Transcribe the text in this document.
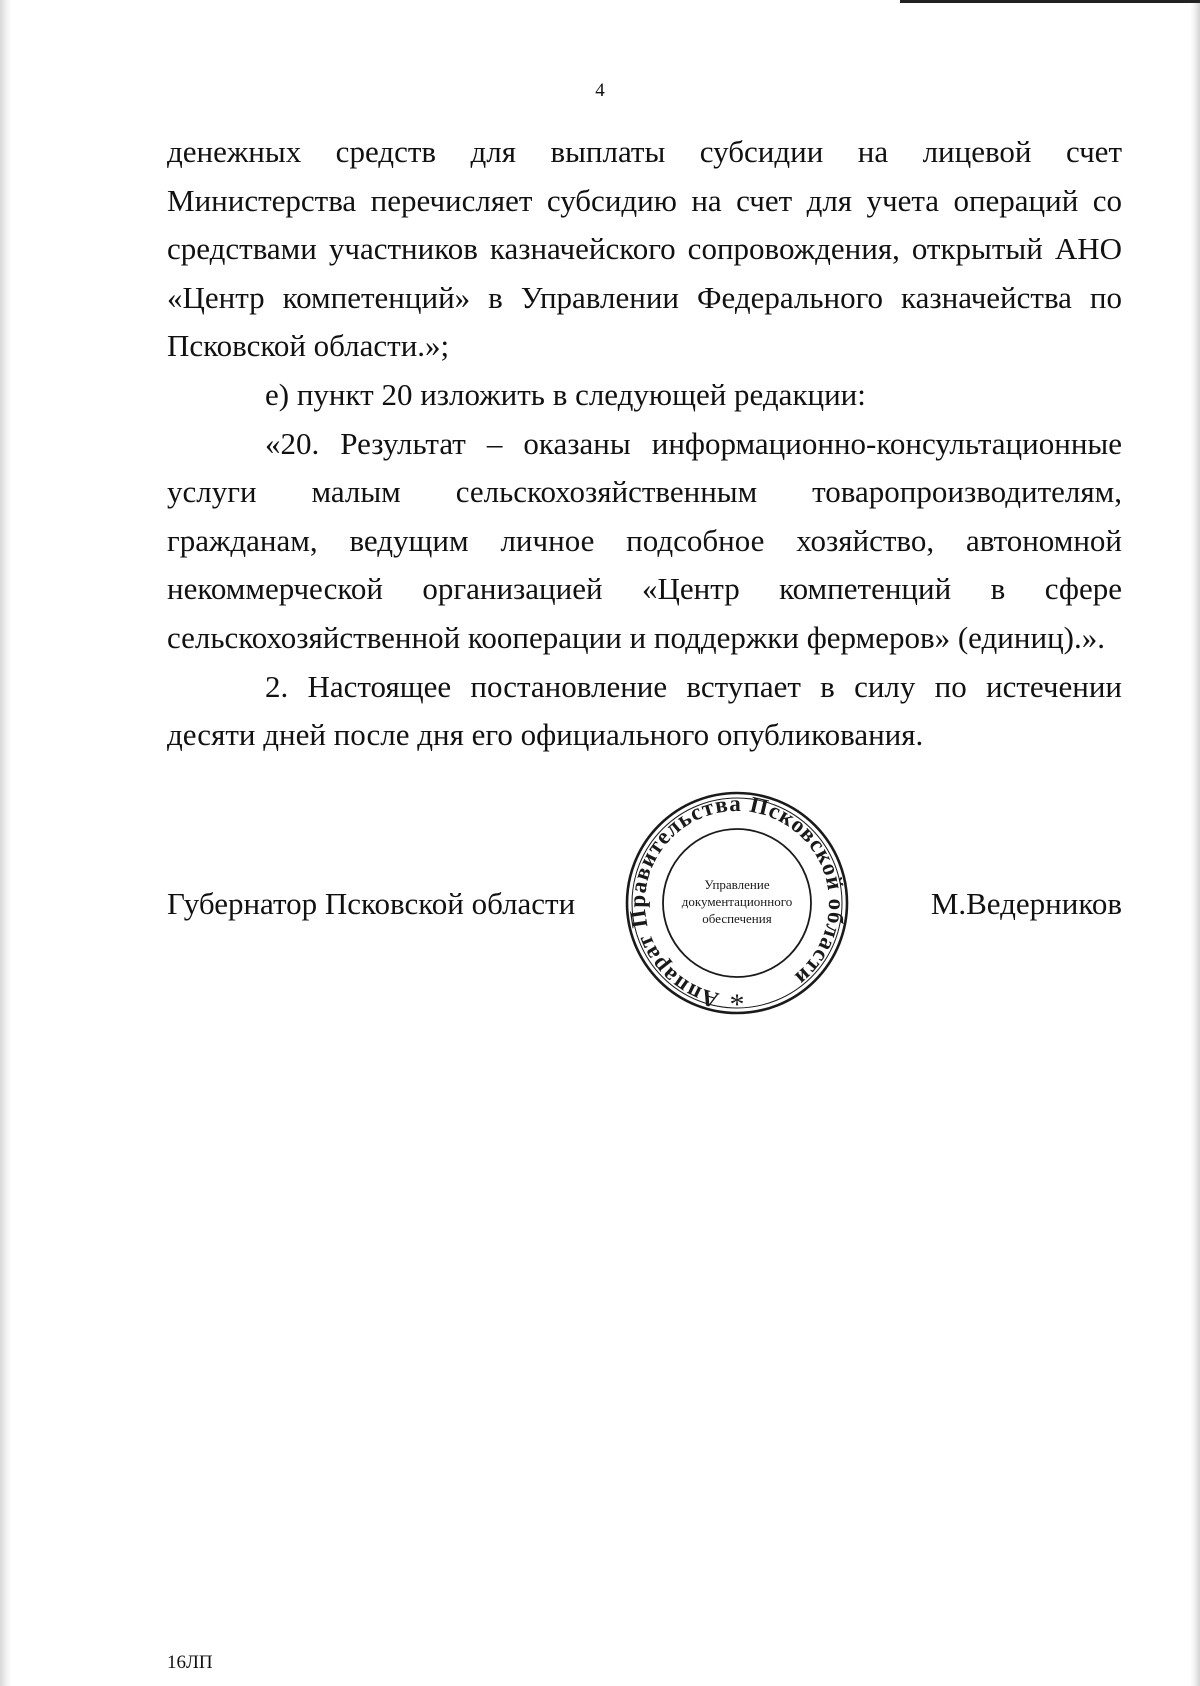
4

денежных средств для выплаты субсидии на лицевой счет Министерства перечисляет субсидию на счет для учета операций со средствами участников казначейского сопровождения, открытый АНО «Центр компетенций» в Управлении Федерального казначейства по Псковской области.»;

е) пункт 20 изложить в следующей редакции:

«20. Результат – оказаны информационно-консультационные услуги малым сельскохозяйственным товаропроизводителям, гражданам, ведущим личное подсобное хозяйство, автономной некоммерческой организацией «Центр компетенций в сфере сельскохозяйственной кооперации и поддержки фермеров» (единиц).».

2. Настоящее постановление вступает в силу по истечении десяти дней после дня его официального опубликования.

Губернатор Псковской области	М.Ведерников
Аппарат Правительства Псковской области
Управление
документационного
обеспечения
*
16ЛП
